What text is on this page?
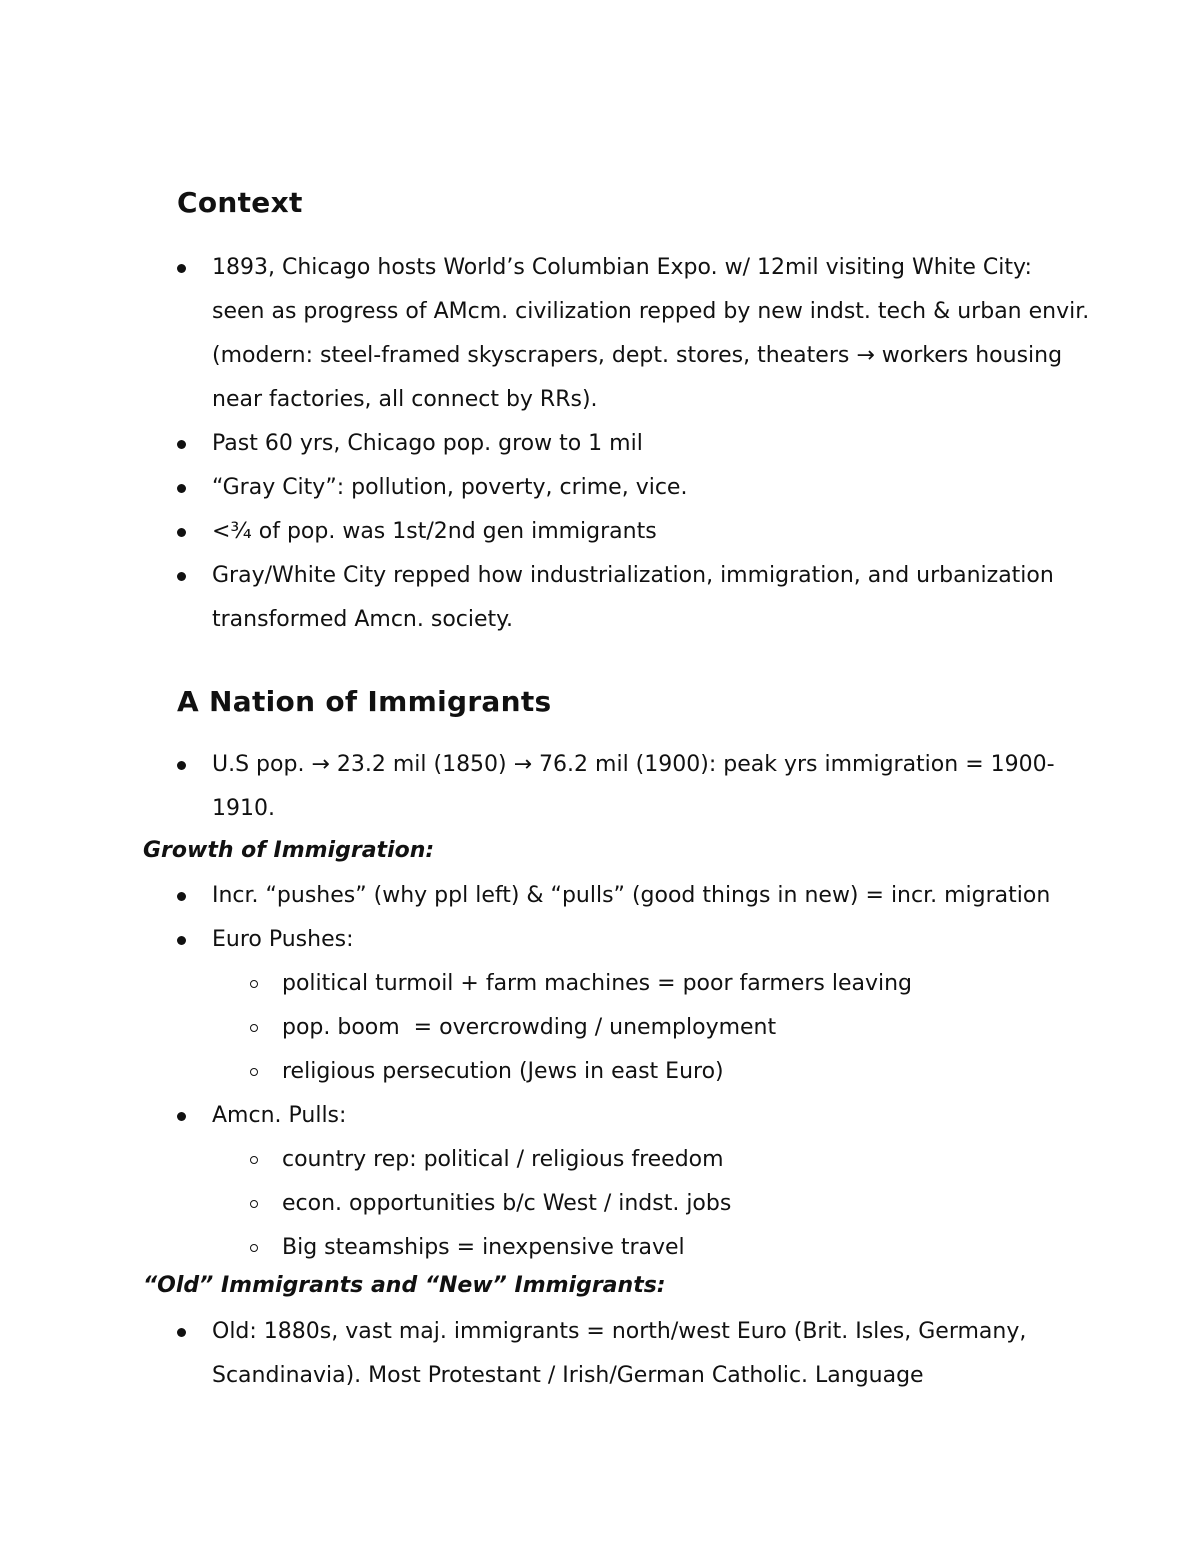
Context
1893, Chicago hosts World’s Columbian Expo. w/ 12mil visiting White City: seen as progress of AMcm. civilization repped by new indst. tech & urban envir. (modern: steel-framed skyscrapers, dept. stores, theaters → workers housing near factories, all connect by RRs).
Past 60 yrs, Chicago pop. grow to 1 mil
“Gray City”: pollution, poverty, crime, vice.
<¾ of pop. was 1st/2nd gen immigrants
Gray/White City repped how industrialization, immigration, and urbanization transformed Amcn. society.
A Nation of Immigrants
U.S pop. → 23.2 mil (1850) → 76.2 mil (1900): peak yrs immigration = 1900-1910.
Growth of Immigration:
Incr. “pushes” (why ppl left) & “pulls” (good things in new) = incr. migration
Euro Pushes:
political turmoil + farm machines = poor farmers leaving
pop. boom  = overcrowding / unemployment
religious persecution (Jews in east Euro)
Amcn. Pulls:
country rep: political / religious freedom
econ. opportunities b/c West / indst. jobs
Big steamships = inexpensive travel
“Old” Immigrants and “New” Immigrants:
Old: 1880s, vast maj. immigrants = north/west Euro (Brit. Isles, Germany, Scandinavia). Most Protestant / Irish/German Catholic. Language
